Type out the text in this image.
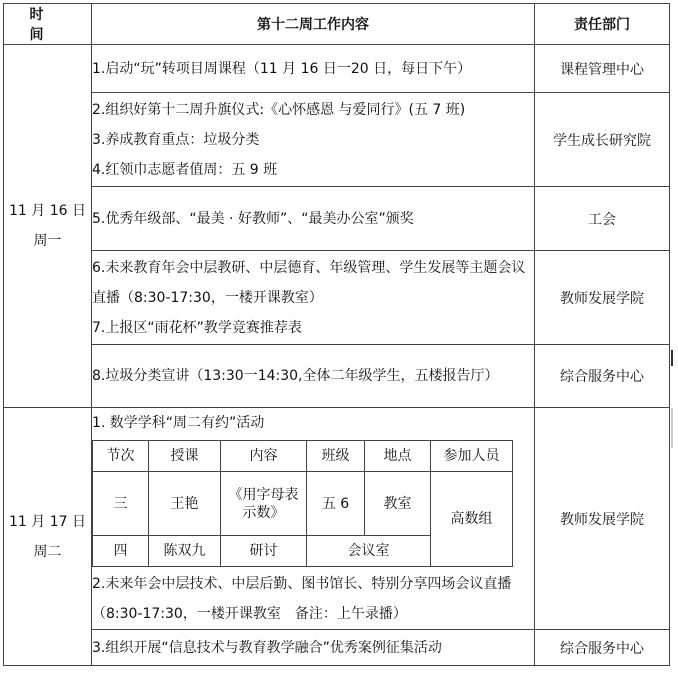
时 间	第十二周工作内容	责任部门

11 月 16 日
周一

1.启动“玩”转项目周课程（11 月 16 日一20 日，每日下午）	课程管理中心

2.组织好第十二周升旗仪式:《心怀感恩 与爱同行》(五 7 班)

3.养成教育重点：垃圾分类

4.红领巾志愿者值周：五 9 班

	学生成长研究院

5.优秀年级部、“最美 · 好教师”、“最美办公室”颁奖	工会

6.未来教育年会中层教研、中层德育、年级管理、学生发展等主题会议直播（8:30-17:30，一楼开课教室）

7.上报区“雨花杯”教学竞赛推荐表

	教师发展学院

8.垃圾分类宣讲（13:30一14:30,全体二年级学生，五楼报告厅）	综合服务中心

11 月 17 日
周二

1. 数学学科“周二有约”活动

节次	授课	内容	班级	地点	参加人员
三	王艳	《用字母表示数》	五 6	教室	高数组
四	陈双九	研讨	会议室

2.未来年会中层技术、中层后勤、图书馆长、特别分享四场会议直播（8:30-17:30，一楼开课教室　备注：上午录播）

	教师发展学院

3.组织开展“信息技术与教育教学融合”优秀案例征集活动	综合服务中心
